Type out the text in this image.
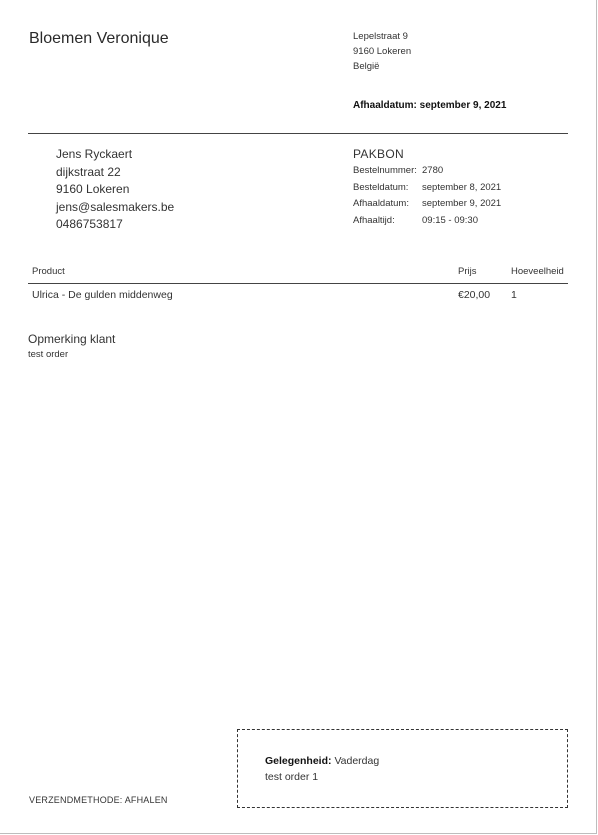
Bloemen Veronique	Lepelstraat 9
9160 Lokeren
België
Afhaaldatum: september 9, 2021
Jens Ryckaert
dijkstraat 22
9160 Lokeren
jens@salesmakers.be
0486753817
PAKBON
Bestelnummer: 2780
Besteldatum:	september 8, 2021
Afhaaldatum:	september 9, 2021
Afhaaltijd:	09:15 - 09:30
Product	Prijs	Hoeveelheid
Ulrica - De gulden middenweg	€20,00 1
Opmerking klant
test order
Gelegenheid: Vaderdag
test order 1
VERZENDMETHODE: AFHALEN
